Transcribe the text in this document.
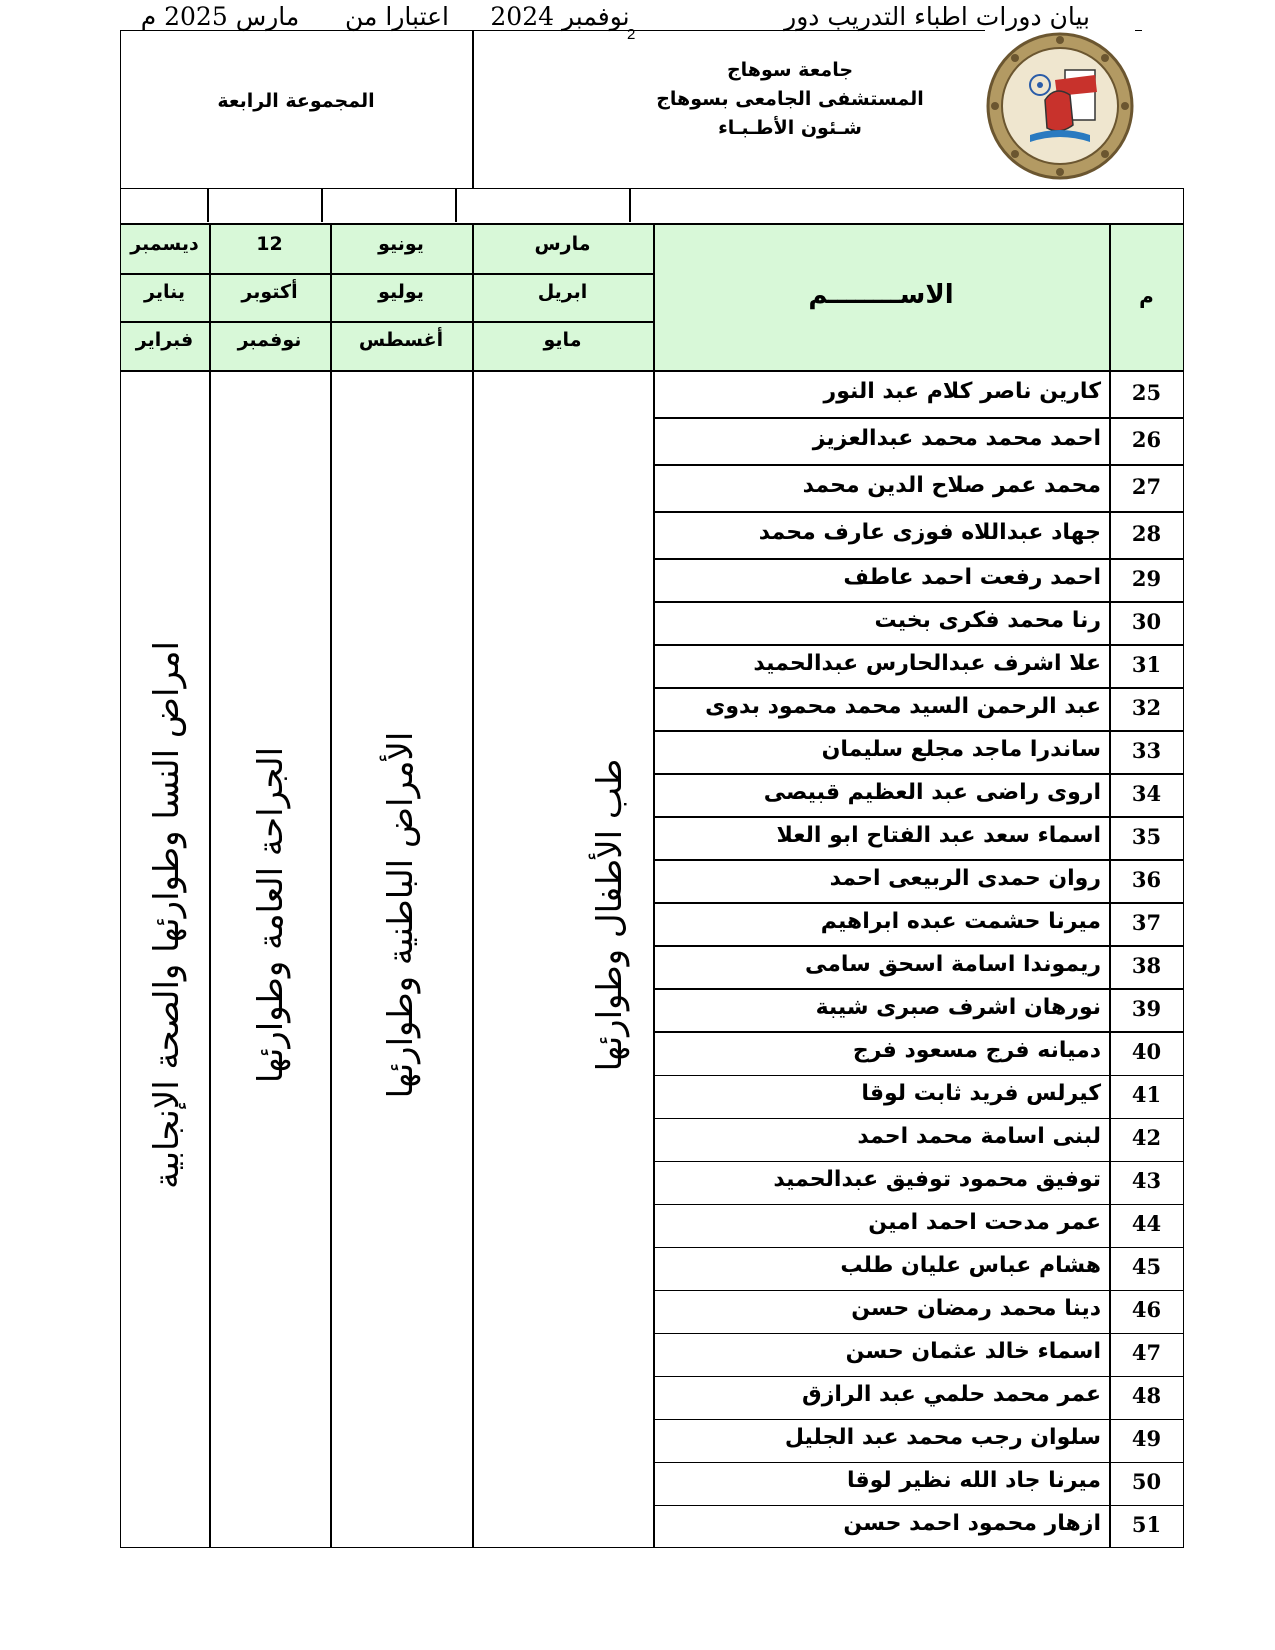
2
المجموعة الرابعة
جامعة سوهاج
المستشفى الجامعى بسوهاج
شـئون الأطـبـاء
بيان دورات اطباء التدريب دور
نوفمبر 2024
اعتبارا من
مارس 2025 م
مارس
ابريل
مايو
يونيو
يوليو
أغسطس
12
أكتوبر
نوفمبر
ديسمبر
يناير
فبراير
الاســــــــم	م
طب الأطفال وطوارئها
الأمراض الباطنية وطوارئها
الجراحة العامة وطوارئها
امراض النسا وطوارئها والصحة الإنجابية
25
كارين ناصر كلام عبد النور
26
احمد محمد محمد عبدالعزيز
27
محمد عمر صلاح الدين محمد
28
جهاد عبداللاه فوزى عارف محمد
29
احمد رفعت احمد عاطف
30
رنا محمد فكرى بخيت
31
علا اشرف عبدالحارس عبدالحميد
32
عبد الرحمن السيد محمد محمود بدوى
33
ساندرا ماجد مجلع سليمان
34
اروى راضى عبد العظيم قبيصى
35
اسماء سعد عبد الفتاح ابو العلا
36
روان حمدى الربيعى احمد
37
ميرنا حشمت عبده ابراهيم
38
ريموندا اسامة اسحق سامى
39
نورهان اشرف صبرى شيبة
40
دميانه فرج مسعود فرج
41
كيرلس فريد ثابت لوقا
42
لبنى اسامة محمد احمد
43
توفيق محمود توفيق عبدالحميد
44
عمر مدحت احمد امين
45
هشام عباس عليان طلب
46
دينا محمد رمضان حسن
47
اسماء خالد عثمان حسن
48
عمر محمد حلمي عبد الرازق
49
سلوان رجب محمد عبد الجليل
50
ميرنا جاد الله نظير لوقا
51
ازهار محمود احمد حسن
